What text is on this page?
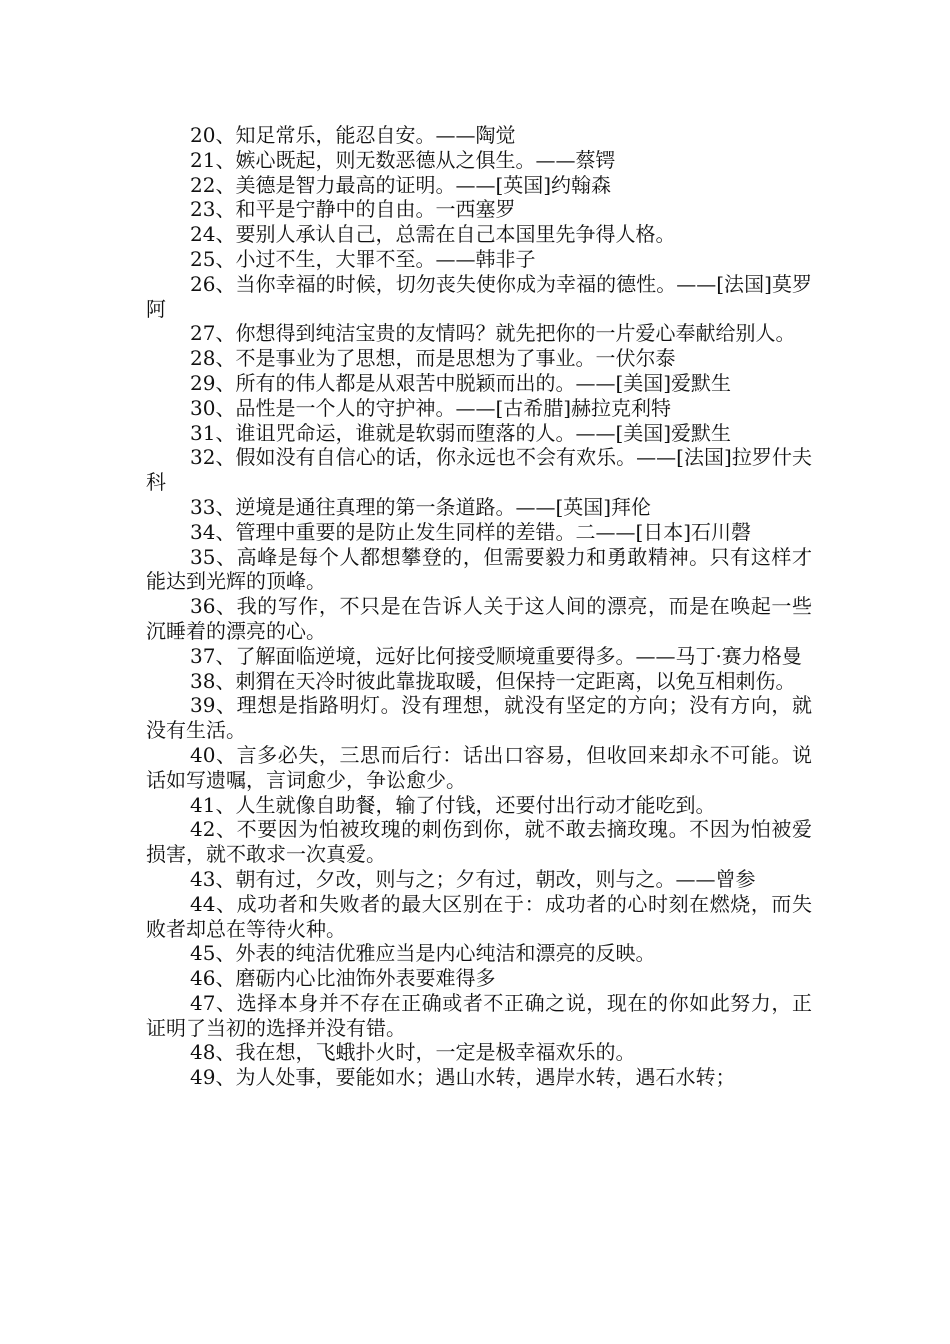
20、知足常乐，能忍自安。——陶觉

21、嫉心既起，则无数恶德从之俱生。——蔡锷

22、美德是智力最高的证明。——[英国]约翰森

23、和平是宁静中的自由。一西塞罗

24、要别人承认自己，总需在自己本国里先争得人格。

25、小过不生，大罪不至。——韩非子

26、当你幸福的时候，切勿丧失使你成为幸福的德性。——[法国]莫罗阿

27、你想得到纯洁宝贵的友情吗？就先把你的一片爱心奉献给别人。

28、不是事业为了思想，而是思想为了事业。一伏尔泰

29、所有的伟人都是从艰苦中脱颖而出的。——[美国]爱默生

30、品性是一个人的守护神。——[古希腊]赫拉克利特

31、谁诅咒命运，谁就是软弱而堕落的人。——[美国]爱默生

32、假如没有自信心的话，你永远也不会有欢乐。——[法国]拉罗什夫科

33、逆境是通往真理的第一条道路。——[英国]拜伦

34、管理中重要的是防止发生同样的差错。二——[日本]石川磬

35、高峰是每个人都想攀登的，但需要毅力和勇敢精神。只有这样才能达到光辉的顶峰。

36、我的写作，不只是在告诉人关于这人间的漂亮，而是在唤起一些沉睡着的漂亮的心。

37、了解面临逆境，远好比何接受顺境重要得多。——马丁·赛力格曼

38、刺猬在天冷时彼此靠拢取暖，但保持一定距离，以免互相刺伤。

39、理想是指路明灯。没有理想，就没有坚定的方向；没有方向，就没有生活。

40、言多必失，三思而后行：话出口容易，但收回来却永不可能。说话如写遗嘱，言词愈少，争讼愈少。

41、人生就像自助餐，输了付钱，还要付出行动才能吃到。

42、不要因为怕被玫瑰的刺伤到你，就不敢去摘玫瑰。不因为怕被爱损害，就不敢求一次真爱。

43、朝有过，夕改，则与之；夕有过，朝改，则与之。——曾参

44、成功者和失败者的最大区别在于：成功者的心时刻在燃烧，而失败者却总在等待火种。

45、外表的纯洁优雅应当是内心纯洁和漂亮的反映。

46、磨砺内心比油饰外表要难得多

47、选择本身并不存在正确或者不正确之说，现在的你如此努力，正证明了当初的选择并没有错。

48、我在想，飞蛾扑火时，一定是极幸福欢乐的。

49、为人处事，要能如水；遇山水转，遇岸水转，遇石水转；
